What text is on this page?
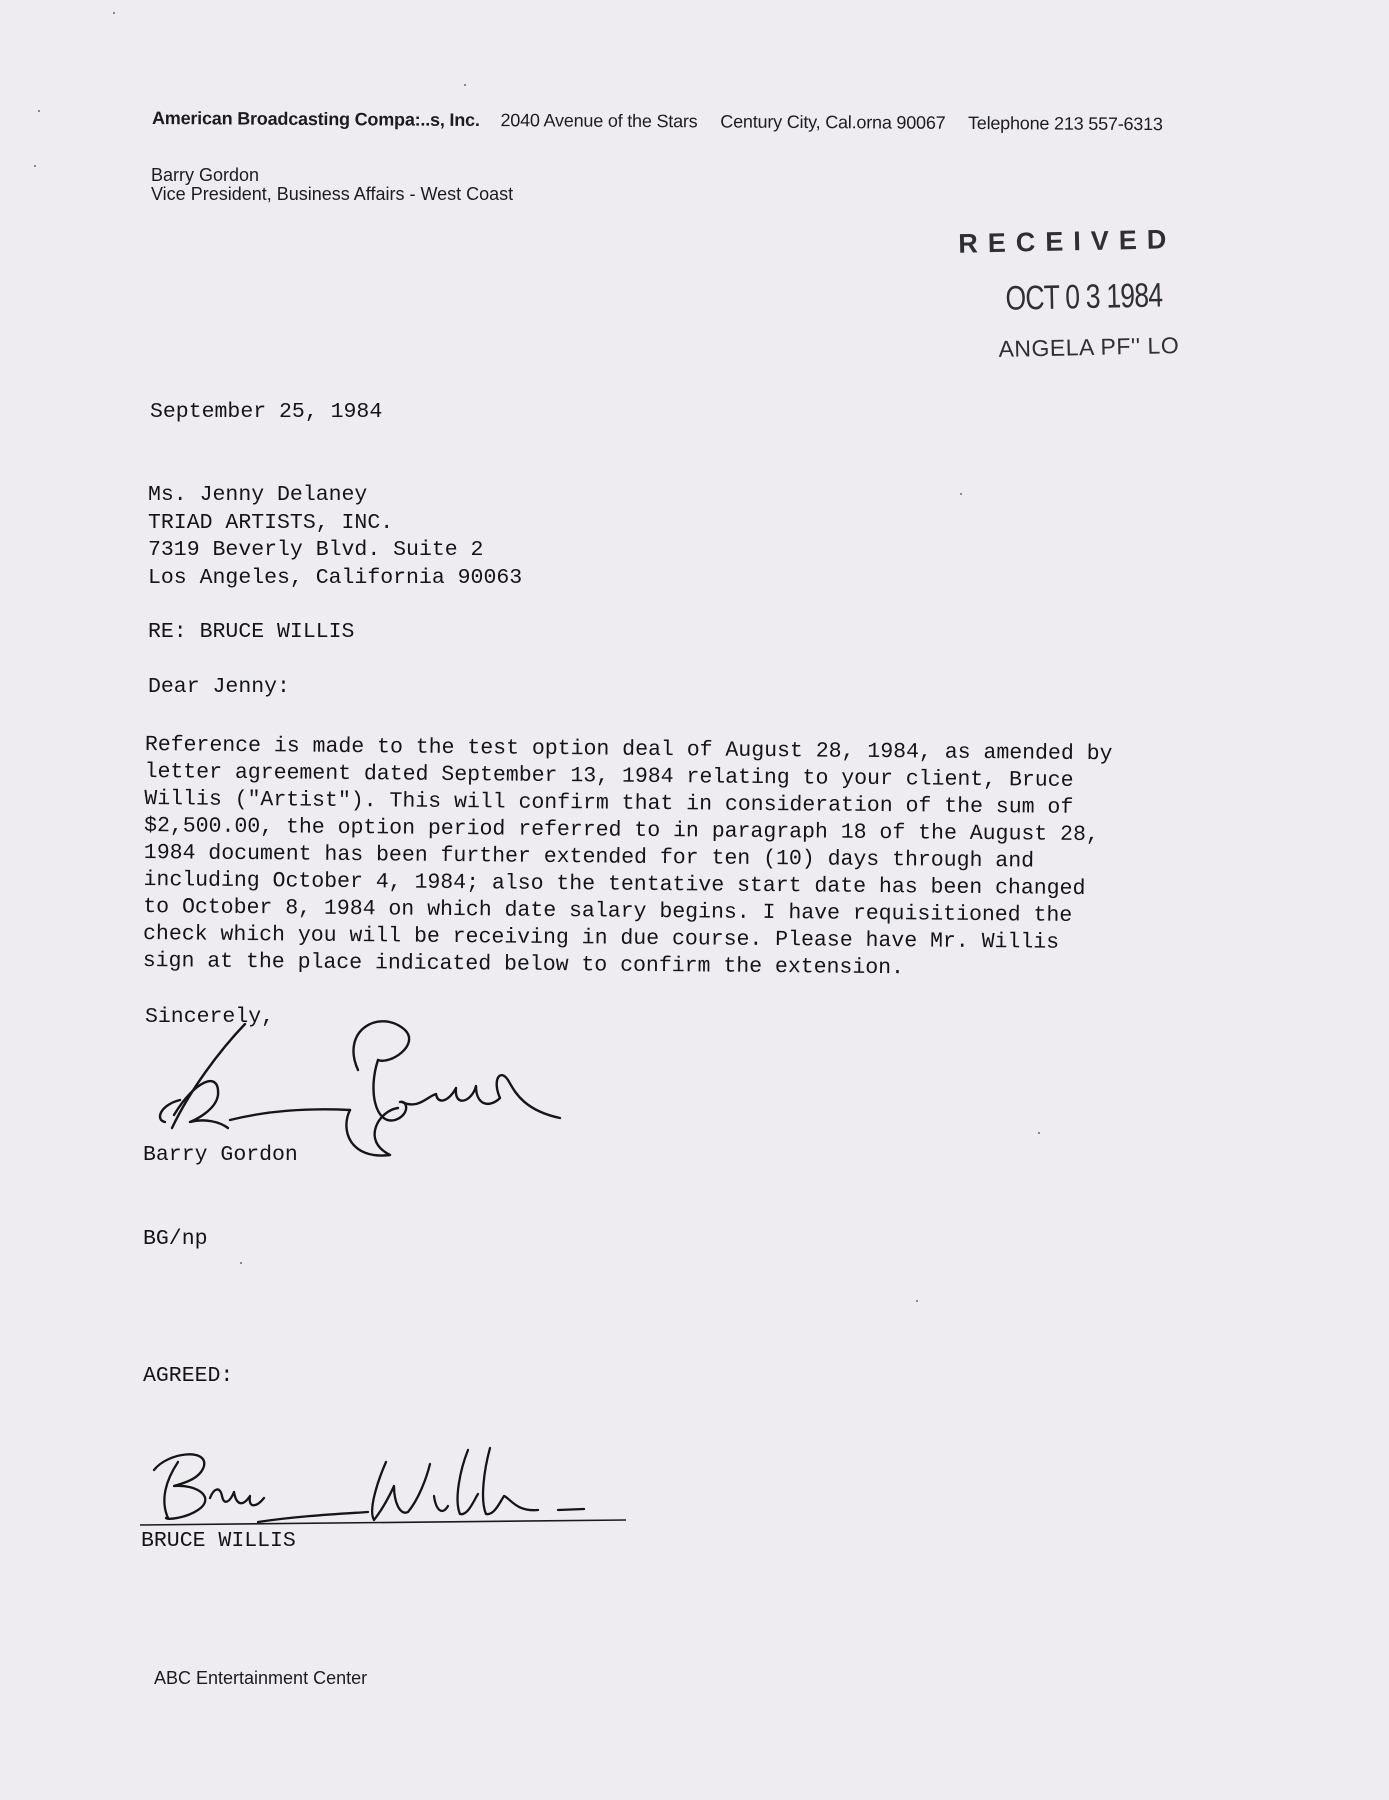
American Broadcasting Compa:..s, Inc. 2040 Avenue of the Stars Century City, Cal.orna 90067 Telephone 213 557-6313
Barry Gordon
Vice President, Business Affairs - West Coast
RECEIVED
OCT 0 3 1984
ANGELA PF'' LO
September 25, 1984
Ms. Jenny Delaney
TRIAD ARTISTS, INC.
7319 Beverly Blvd. Suite 2
Los Angeles, California 90063
RE: BRUCE WILLIS
Dear Jenny:
Reference is made to the test option deal of August 28, 1984, as amended by
letter agreement dated September 13, 1984 relating to your client, Bruce
Willis ("Artist"). This will confirm that in consideration of the sum of
$2,500.00, the option period referred to in paragraph 18 of the August 28,
1984 document has been further extended for ten (10) days through and
including October 4, 1984; also the tentative start date has been changed
to October 8, 1984 on which date salary begins. I have requisitioned the
check which you will be receiving in due course. Please have Mr. Willis
sign at the place indicated below to confirm the extension.
Sincerely,
Barry Gordon
BG/np
AGREED:
BRUCE WILLIS
ABC Entertainment Center
